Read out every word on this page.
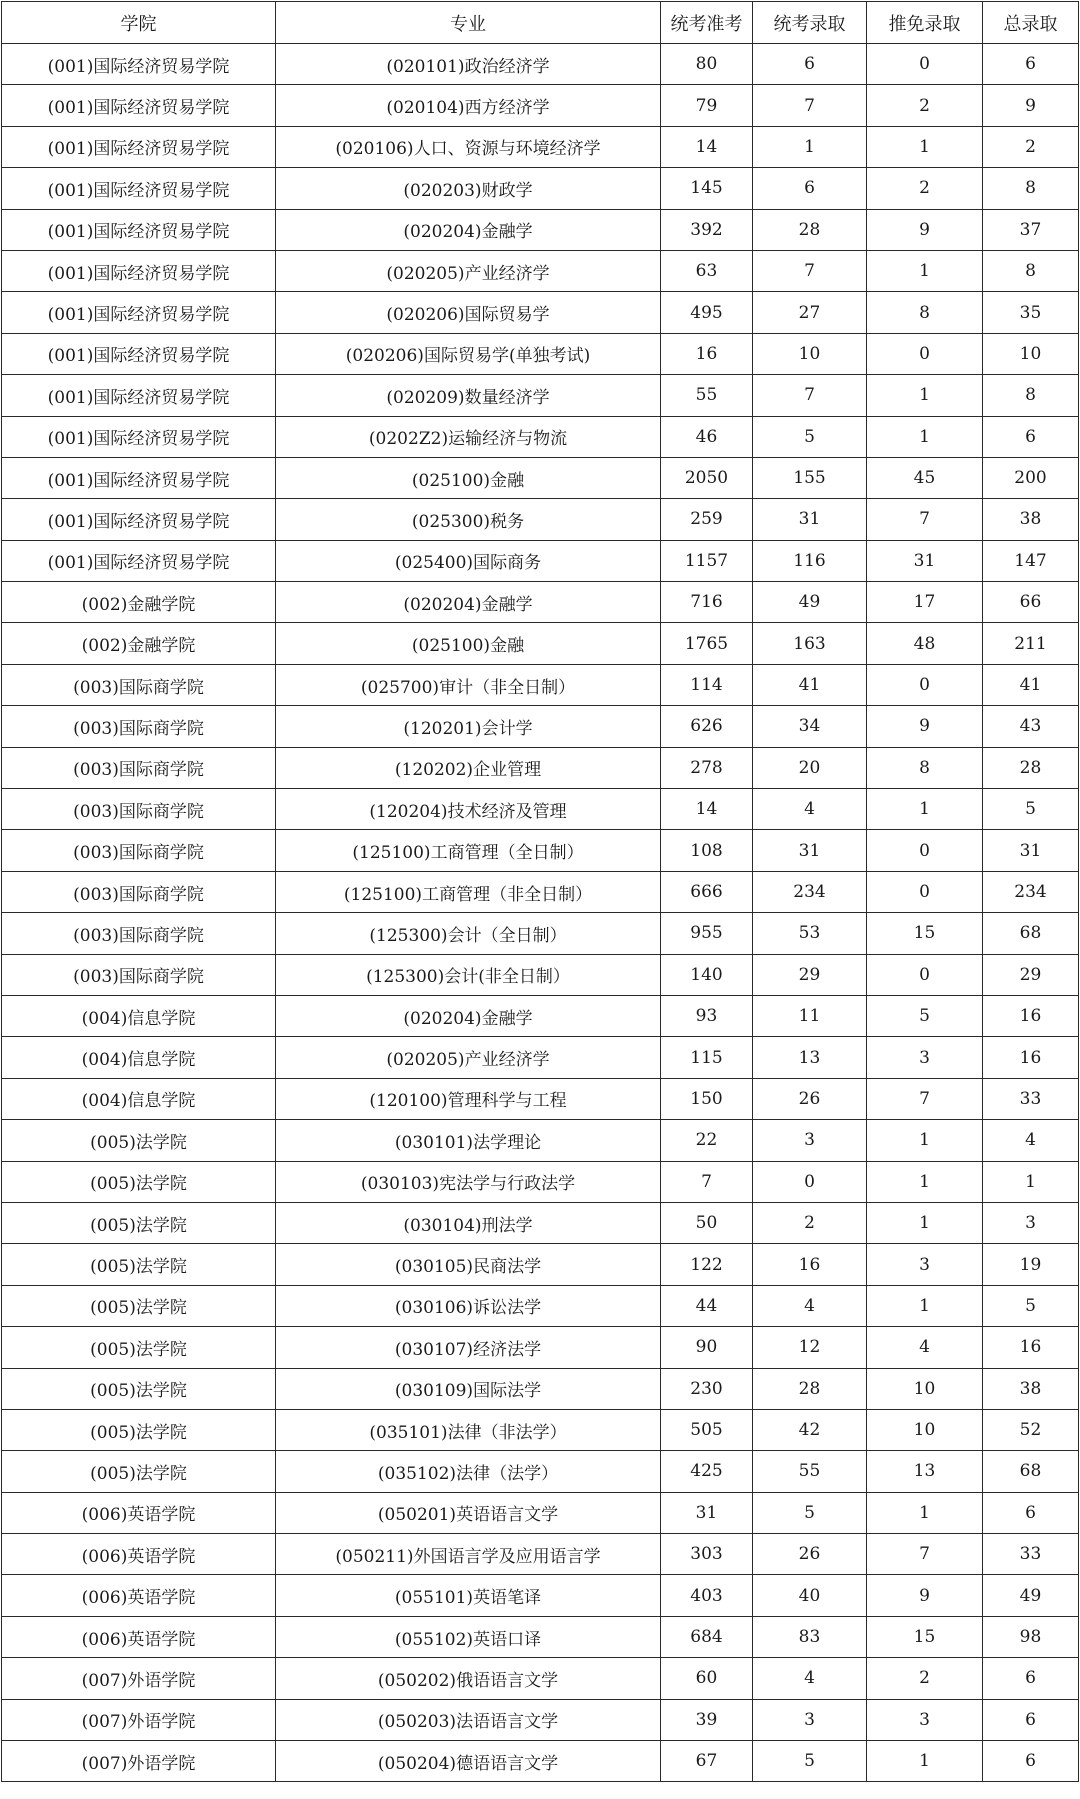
学院	专业	统考准考	统考录取	推免录取	总录取
(001)国际经济贸易学院	(020101)政治经济学	80	6	0	6
(001)国际经济贸易学院	(020104)西方经济学	79	7	2	9
(001)国际经济贸易学院	(020106)人口、资源与环境经济学	14	1	1	2
(001)国际经济贸易学院	(020203)财政学	145	6	2	8
(001)国际经济贸易学院	(020204)金融学	392	28	9	37
(001)国际经济贸易学院	(020205)产业经济学	63	7	1	8
(001)国际经济贸易学院	(020206)国际贸易学	495	27	8	35
(001)国际经济贸易学院	(020206)国际贸易学(单独考试)	16	10	0	10
(001)国际经济贸易学院	(020209)数量经济学	55	7	1	8
(001)国际经济贸易学院	(0202Z2)运输经济与物流	46	5	1	6
(001)国际经济贸易学院	(025100)金融	2050	155	45	200
(001)国际经济贸易学院	(025300)税务	259	31	7	38
(001)国际经济贸易学院	(025400)国际商务	1157	116	31	147
(002)金融学院	(020204)金融学	716	49	17	66
(002)金融学院	(025100)金融	1765	163	48	211
(003)国际商学院	(025700)审计（非全日制）	114	41	0	41
(003)国际商学院	(120201)会计学	626	34	9	43
(003)国际商学院	(120202)企业管理	278	20	8	28
(003)国际商学院	(120204)技术经济及管理	14	4	1	5
(003)国际商学院	(125100)工商管理（全日制）	108	31	0	31
(003)国际商学院	(125100)工商管理（非全日制）	666	234	0	234
(003)国际商学院	(125300)会计（全日制）	955	53	15	68
(003)国际商学院	(125300)会计(非全日制）	140	29	0	29
(004)信息学院	(020204)金融学	93	11	5	16
(004)信息学院	(020205)产业经济学	115	13	3	16
(004)信息学院	(120100)管理科学与工程	150	26	7	33
(005)法学院	(030101)法学理论	22	3	1	4
(005)法学院	(030103)宪法学与行政法学	7	0	1	1
(005)法学院	(030104)刑法学	50	2	1	3
(005)法学院	(030105)民商法学	122	16	3	19
(005)法学院	(030106)诉讼法学	44	4	1	5
(005)法学院	(030107)经济法学	90	12	4	16
(005)法学院	(030109)国际法学	230	28	10	38
(005)法学院	(035101)法律（非法学）	505	42	10	52
(005)法学院	(035102)法律（法学）	425	55	13	68
(006)英语学院	(050201)英语语言文学	31	5	1	6
(006)英语学院	(050211)外国语言学及应用语言学	303	26	7	33
(006)英语学院	(055101)英语笔译	403	40	9	49
(006)英语学院	(055102)英语口译	684	83	15	98
(007)外语学院	(050202)俄语语言文学	60	4	2	6
(007)外语学院	(050203)法语语言文学	39	3	3	6
(007)外语学院	(050204)德语语言文学	67	5	1	6
